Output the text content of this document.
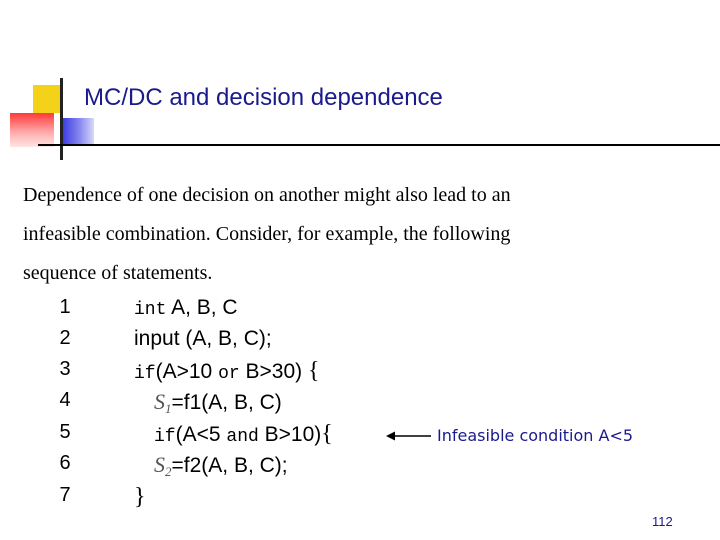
MC/DC and decision dependence
Dependence of one decision on another might also lead to an
infeasible combination. Consider, for example, the following
sequence of statements.
1	int A, B, C
2	input (A, B, C);
3	if(A>10 or B>30) {
4	$S_1=f1(A$, B, C)
5	if(A<5 and B>10){
6	$S_2=f2(A$, B, C);
7	}
Infeasible condition A<5
112
